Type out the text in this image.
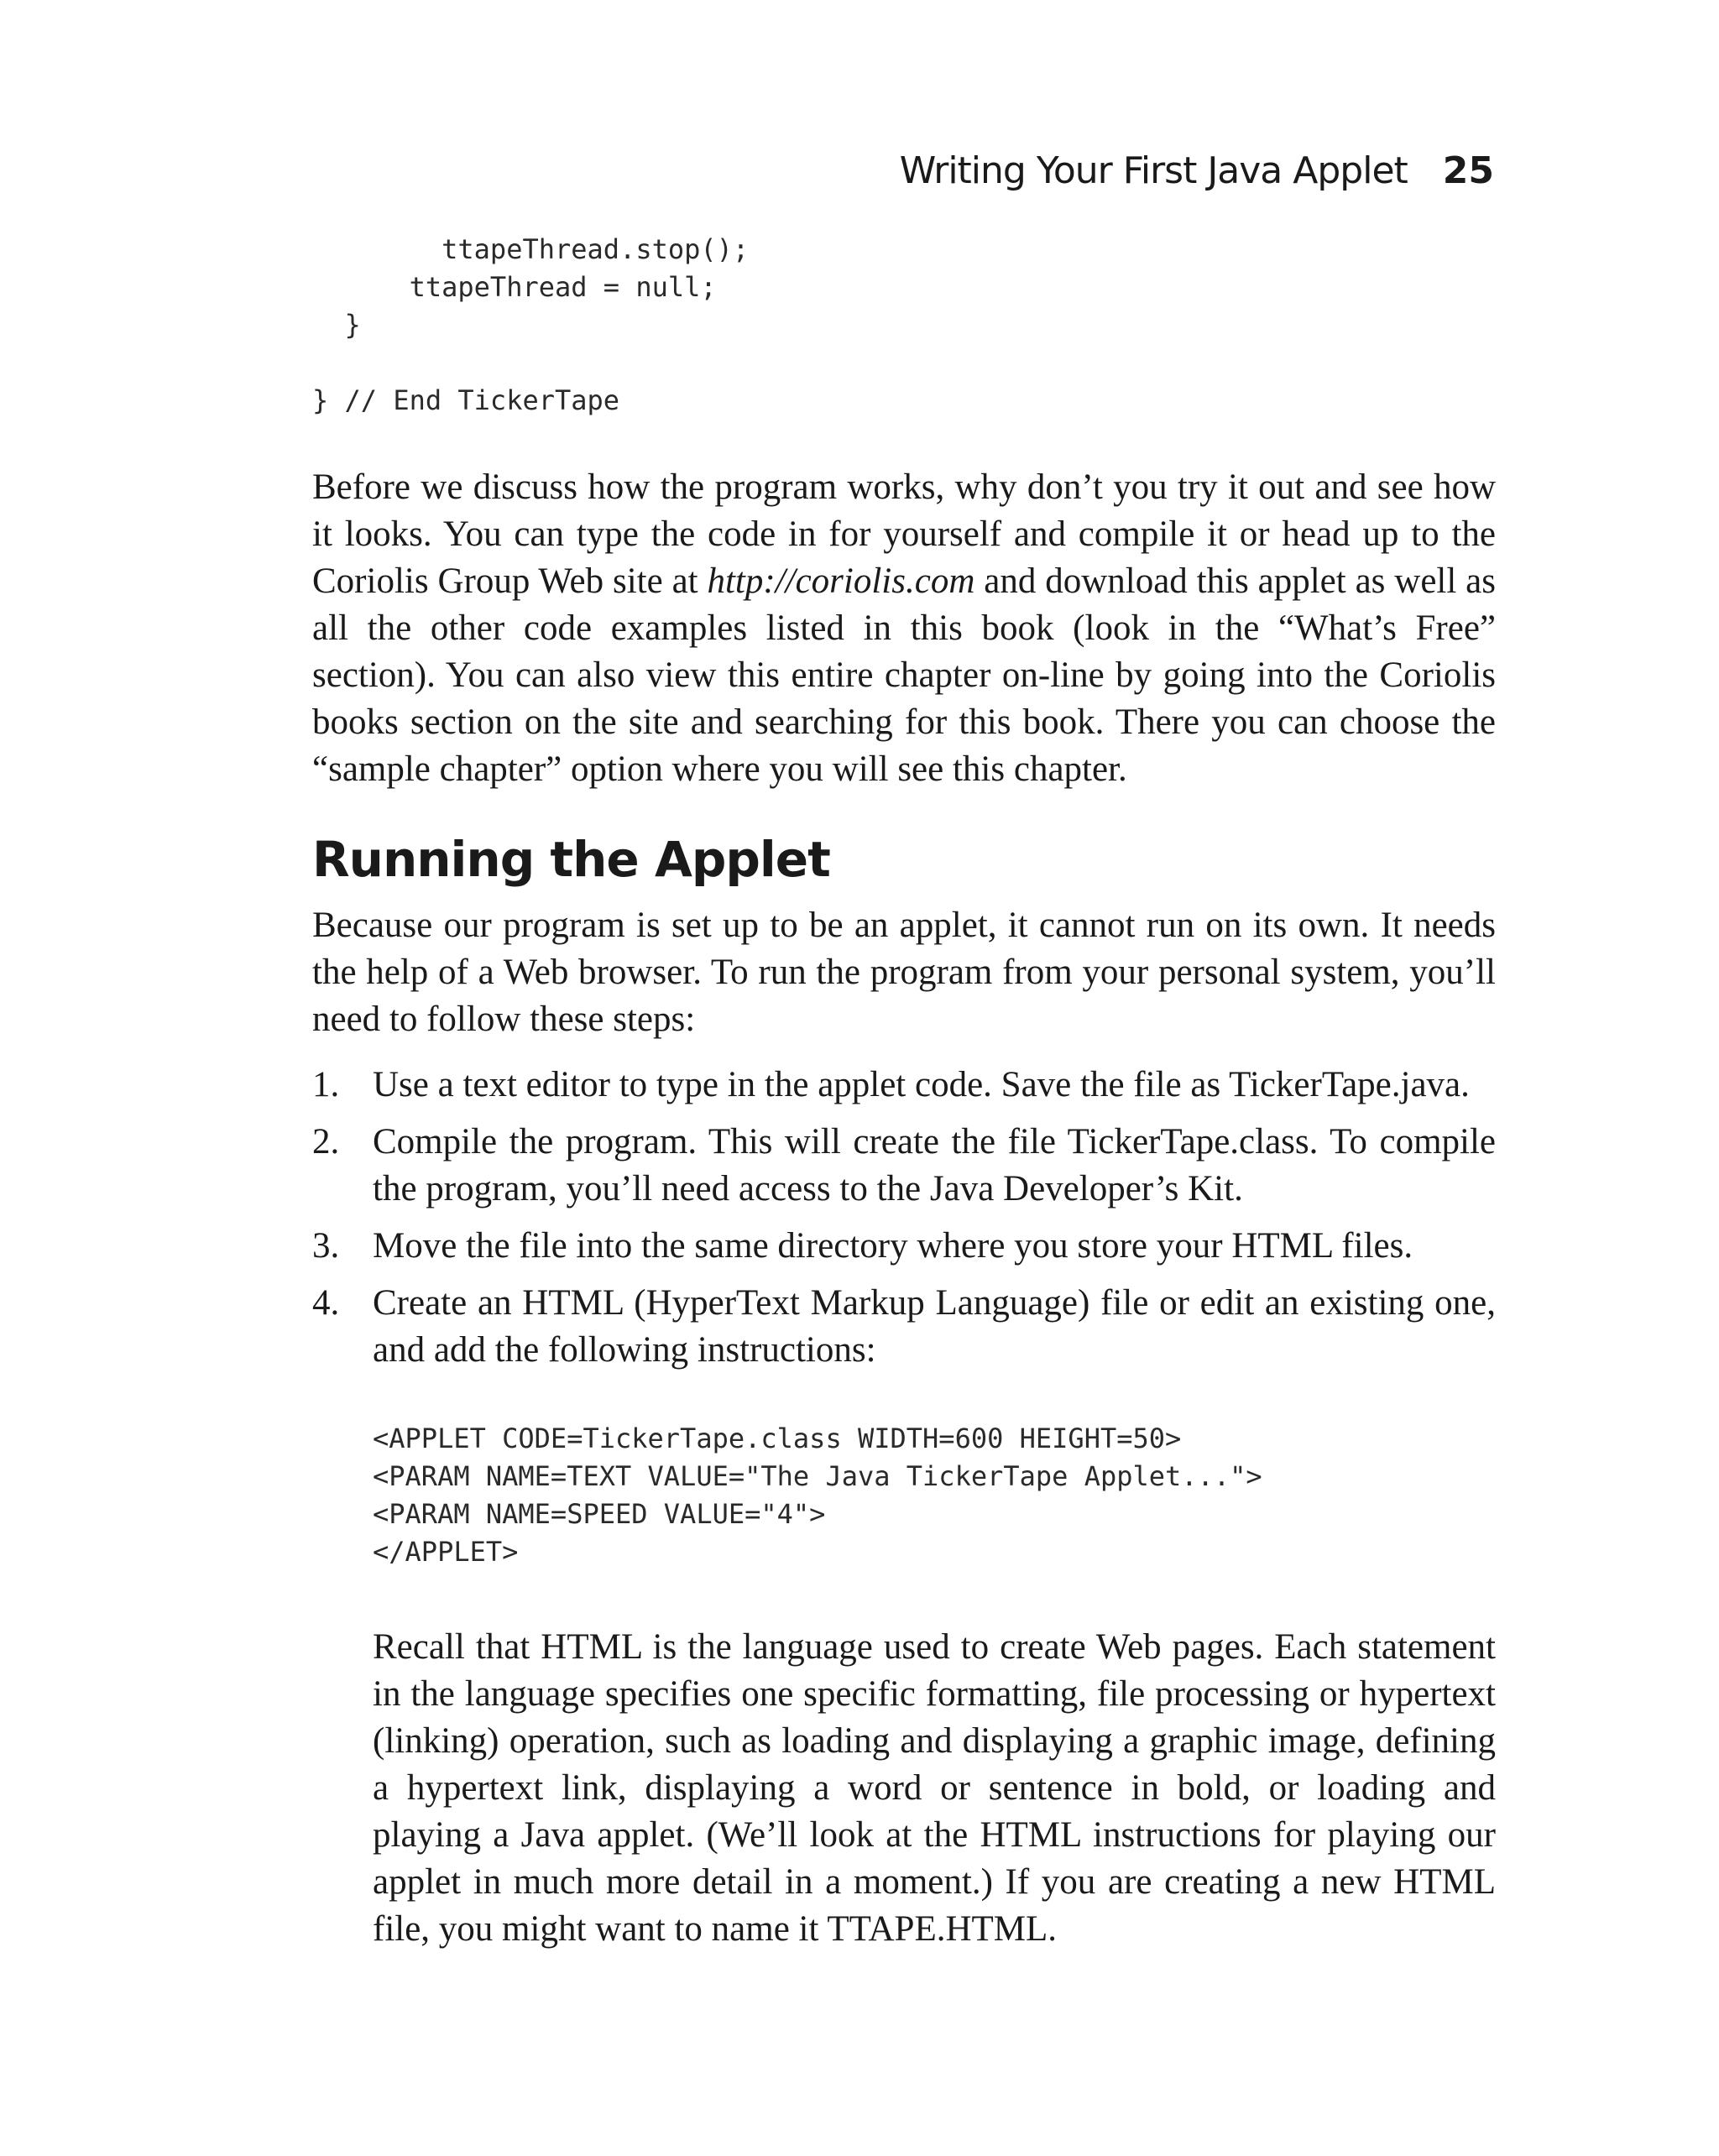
Writing Your First Java Applet 25
ttapeThread.stop();
ttapeThread = null;
}
} // End TickerTape

Before we discuss how the program works, why don’t you try it out and see how it looks. You can type the code in for yourself and compile it or head up to the Coriolis Group Web site at http://coriolis.com and download this applet as well as all the other code examples listed in this book (look in the “What’s Free” section). You can also view this entire chapter on-line by going into the Coriolis books section on the site and searching for this book. There you can choose the “sample chapter” option where you will see this chapter.

Running the Applet

Because our program is set up to be an applet, it cannot run on its own. It needs the help of a Web browser. To run the program from your personal system, you’ll need to follow these steps:

1. Use a text editor to type in the applet code. Save the file as TickerTape.java.
2. Compile the program. This will create the file TickerTape.class. To compile the program, you’ll need access to the Java Developer’s Kit.
3. Move the file into the same directory where you store your HTML files.
4. Create an HTML (HyperText Markup Language) file or edit an existing one, and add the following instructions:
<APPLET CODE=TickerTape.class WIDTH=600 HEIGHT=50>
<PARAM NAME=TEXT VALUE="The Java TickerTape Applet...">
<PARAM NAME=SPEED VALUE="4">
</APPLET>

Recall that HTML is the language used to create Web pages. Each statement in the language specifies one specific formatting, file processing or hypertext (linking) operation, such as loading and displaying a graphic image, defining a hypertext link, displaying a word or sentence in bold, or loading and playing a Java applet. (We’ll look at the HTML instructions for playing our applet in much more detail in a moment.) If you are creating a new HTML file, you might want to name it TTAPE.HTML.
